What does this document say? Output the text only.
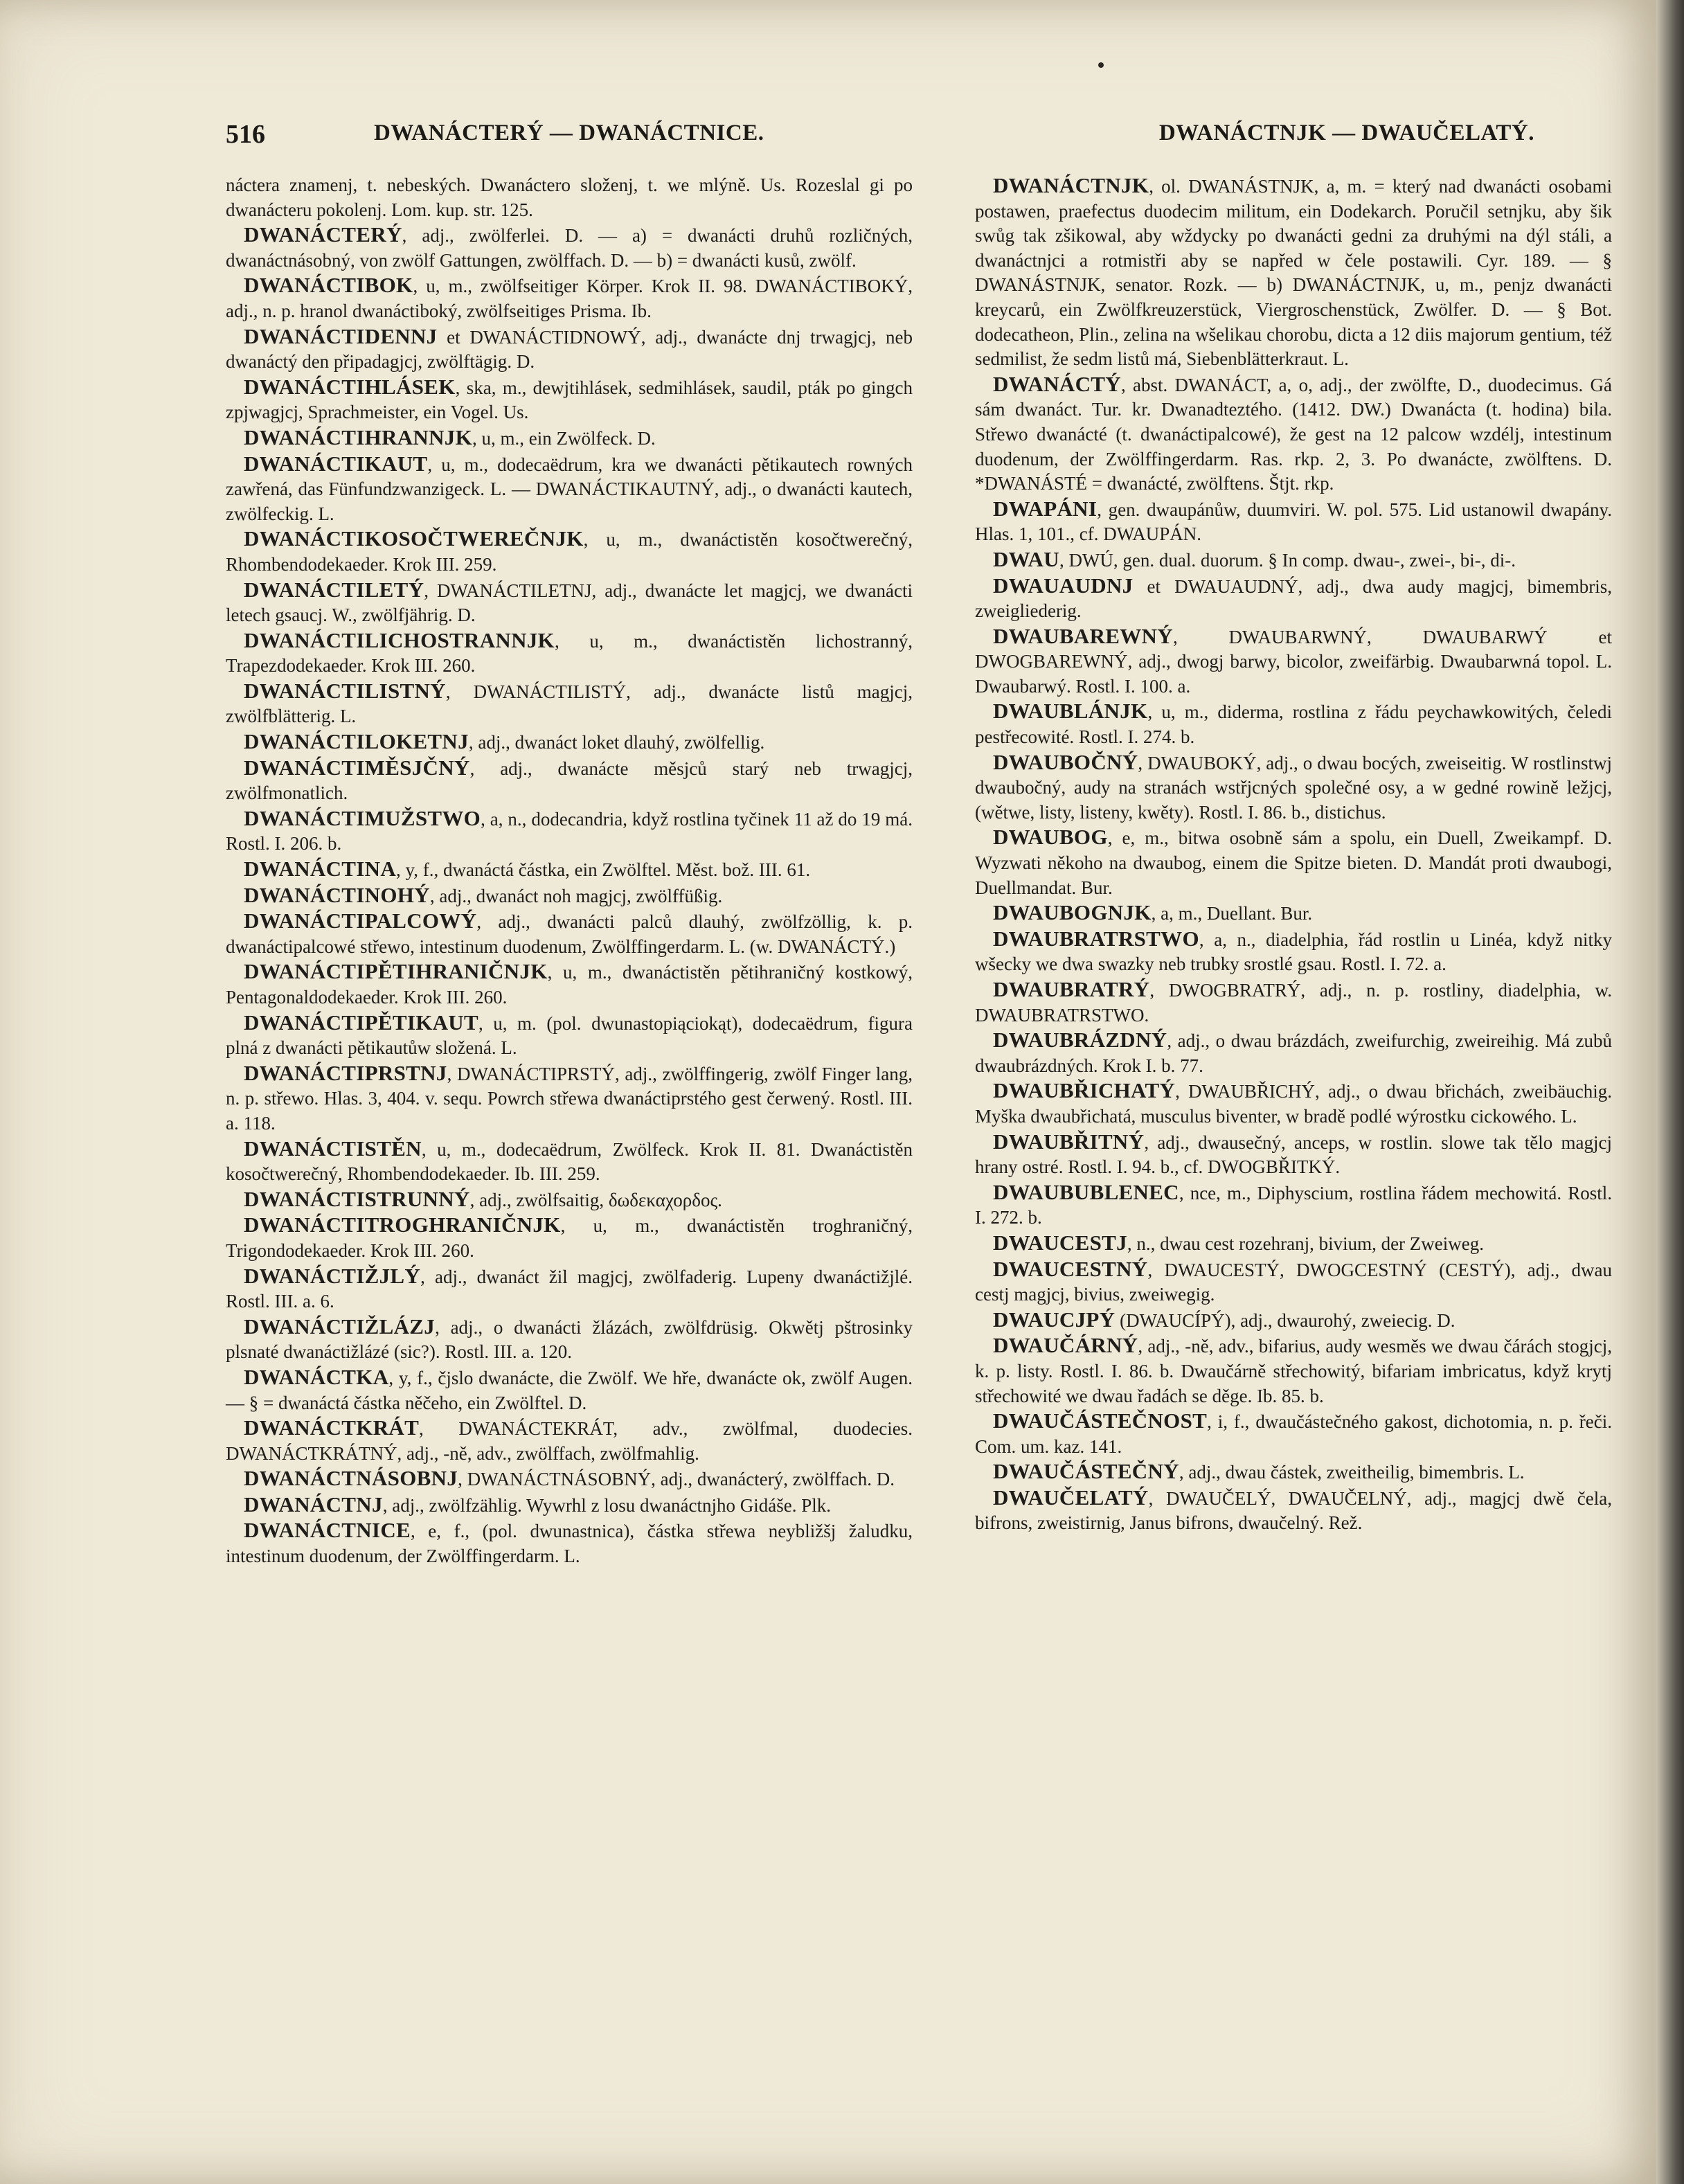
516	DWANÁCTERÝ — DWANÁCTNICE.	DWANÁCTNJK — DWAUČELATÝ.

náctera znamenj, t. nebeských. Dwanáctero složenj, t. we mlýně. Us. Rozeslal gi po dwanácteru pokolenj. Lom. kup. str. 125.

DWANÁCTERÝ, adj., zwölferlei. D. — a) = dwanácti druhů rozličných, dwanáctnásobný, von zwölf Gattungen, zwölffach. D. — b) = dwanácti kusů, zwölf.

DWANÁCTIBOK, u, m., zwölfseitiger Körper. Krok II. 98. DWANÁCTIBOKÝ, adj., n. p. hranol dwanáctiboký, zwölfseitiges Prisma. Ib.

DWANÁCTIDENNJ et DWANÁCTIDNOWÝ, adj., dwanácte dnj trwagjcj, neb dwanáctý den připadagjcj, zwölftägig. D.

DWANÁCTIHLÁSEK, ska, m., dewjtihlásek, sedmihlásek, saudil, pták po gingch zpjwagjcj, Sprachmeister, ein Vogel. Us.

DWANÁCTIHRANNJK, u, m., ein Zwölfeck. D.

DWANÁCTIKAUT, u, m., dodecaëdrum, kra we dwanácti pětikautech rowných zawřená, das Fünfundzwanzigeck. L. — DWANÁCTIKAUTNÝ, adj., o dwanácti kautech, zwölfeckig. L.

DWANÁCTIKOSOČTWEREČNJK, u, m., dwanáctistěn kosočtwerečný, Rhombendodekaeder. Krok III. 259.

DWANÁCTILETÝ, DWANÁCTILETNJ, adj., dwanácte let magjcj, we dwanácti letech gsaucj. W., zwölfjährig. D.

DWANÁCTILICHOSTRANNJK, u, m., dwanáctistěn lichostranný, Trapezdodekaeder. Krok III. 260.

DWANÁCTILISTNÝ, DWANÁCTILISTÝ, adj., dwanácte listů magjcj, zwölfblätterig. L.

DWANÁCTILOKETNJ, adj., dwanáct loket dlauhý, zwölfellig.

DWANÁCTIMĚSJČNÝ, adj., dwanácte měsjců starý neb trwagjcj, zwölfmonatlich.

DWANÁCTIMUŽSTWO, a, n., dodecandria, když rostlina tyčinek 11 až do 19 má. Rostl. I. 206. b.

DWANÁCTINA, y, f., dwanáctá částka, ein Zwölftel. Měst. bož. III. 61.

DWANÁCTINOHÝ, adj., dwanáct noh magjcj, zwölffüßig.

DWANÁCTIPALCOWÝ, adj., dwanácti palců dlauhý, zwölfzöllig, k. p. dwanáctipalcowé střewo, intestinum duodenum, Zwölffingerdarm. L. (w. DWANÁCTÝ.)

DWANÁCTIPĚTIHRANIČNJK, u, m., dwanáctistěn pětihraničný kostkowý, Pentagonaldodekaeder. Krok III. 260.

DWANÁCTIPĚTIKAUT, u, m. (pol. dwunastopiąciokąt), dodecaëdrum, figura plná z dwanácti pětikautůw složená. L.

DWANÁCTIPRSTNJ, DWANÁCTIPRSTÝ, adj., zwölffingerig, zwölf Finger lang, n. p. střewo. Hlas. 3, 404. v. sequ. Powrch střewa dwanáctiprstého gest čerwený. Rostl. III. a. 118.

DWANÁCTISTĚN, u, m., dodecaëdrum, Zwölfeck. Krok II. 81. Dwanáctistěn kosočtwerečný, Rhombendodekaeder. Ib. III. 259.

DWANÁCTISTRUNNÝ, adj., zwölfsaitig, δωδεκαχορδος.

DWANÁCTITROGHRANIČNJK, u, m., dwanáctistěn troghraničný, Trigondodekaeder. Krok III. 260.

DWANÁCTIŽJLÝ, adj., dwanáct žil magjcj, zwölfaderig. Lupeny dwanáctižjlé. Rostl. III. a. 6.

DWANÁCTIŽLÁZJ, adj., o dwanácti žlázách, zwölfdrüsig. Okwětj pštrosinky plsnaté dwanáctižlázé (sic?). Rostl. III. a. 120.

DWANÁCTKA, y, f., čjslo dwanácte, die Zwölf. We hře, dwanácte ok, zwölf Augen. — § = dwanáctá částka něčeho, ein Zwölftel. D.

DWANÁCTKRÁT, DWANÁCTEKRÁT, adv., zwölfmal, duodecies. DWANÁCTKRÁTNÝ, adj., -ně, adv., zwölffach, zwölfmahlig.

DWANÁCTNÁSOBNJ, DWANÁCTNÁSOBNÝ, adj., dwanácterý, zwölffach. D.

DWANÁCTNJ, adj., zwölfzählig. Wywrhl z losu dwanáctnjho Gidáše. Plk.

DWANÁCTNICE, e, f., (pol. dwunastnica), částka střewa neybližšj žaludku, intestinum duodenum, der Zwölffingerdarm. L.

DWANÁCTNJK, ol. DWANÁSTNJK, a, m. = který nad dwanácti osobami postawen, praefectus duodecim militum, ein Dodekarch. Poručil setnjku, aby šik swůg tak zšikowal, aby wždycky po dwanácti gedni za druhými na dýl stáli, a dwanáctnjci a rotmistři aby se napřed w čele postawili. Cyr. 189. — § DWANÁSTNJK, senator. Rozk. — b) DWANÁCTNJK, u, m., penjz dwanácti kreycarů, ein Zwölfkreuzerstück, Viergroschenstück, Zwölfer. D. — § Bot. dodecatheon, Plin., zelina na wšelikau chorobu, dicta a 12 diis majorum gentium, též sedmilist, že sedm listů má, Siebenblätterkraut. L.

DWANÁCTÝ, abst. DWANÁCT, a, o, adj., der zwölfte, D., duodecimus. Gá sám dwanáct. Tur. kr. Dwanadteztého. (1412. DW.) Dwanácta (t. hodina) bila. Střewo dwanácté (t. dwanáctipalcowé), že gest na 12 palcow wzdélj, intestinum duodenum, der Zwölffingerdarm. Ras. rkp. 2, 3. Po dwanácte, zwölftens. D. *DWANÁSTÉ = dwanácté, zwölftens. Štjt. rkp.

DWAPÁNI, gen. dwaupánůw, duumviri. W. pol. 575. Lid ustanowil dwapány. Hlas. 1, 101., cf. DWAUPÁN.

DWAU, DWÚ, gen. dual. duorum. § In comp. dwau-, zwei-, bi-, di-.

DWAUAUDNJ et DWAUAUDNÝ, adj., dwa audy magjcj, bimembris, zweigliederig.

DWAUBAREWNÝ, DWAUBARWNÝ, DWAUBARWÝ et DWOGBAREWNÝ, adj., dwogj barwy, bicolor, zweifärbig. Dwaubarwná topol. L. Dwaubarwý. Rostl. I. 100. a.

DWAUBLÁNJK, u, m., diderma, rostlina z řádu peychawkowitých, čeledi pestřecowité. Rostl. I. 274. b.

DWAUBOČNÝ, DWAUBOKÝ, adj., o dwau bocých, zweiseitig. W rostlinstwj dwaubočný, audy na stranách wstřjcných společné osy, a w gedné rowině ležjcj, (wětwe, listy, listeny, kwěty). Rostl. I. 86. b., distichus.

DWAUBOG, e, m., bitwa osobně sám a spolu, ein Duell, Zweikampf. D. Wyzwati někoho na dwaubog, einem die Spitze bieten. D. Mandát proti dwaubogi, Duellmandat. Bur.

DWAUBOGNJK, a, m., Duellant. Bur.

DWAUBRATRSTWO, a, n., diadelphia, řád rostlin u Linéa, když nitky wšecky we dwa swazky neb trubky srostlé gsau. Rostl. I. 72. a.

DWAUBRATRÝ, DWOGBRATRÝ, adj., n. p. rostliny, diadelphia, w. DWAUBRATRSTWO.

DWAUBRÁZDNÝ, adj., o dwau brázdách, zweifurchig, zweireihig. Má zubů dwaubrázdných. Krok I. b. 77.

DWAUBŘICHATÝ, DWAUBŘICHÝ, adj., o dwau břichách, zweibäuchig. Myška dwaubřichatá, musculus biventer, w bradě podlé wýrostku cickowého. L.

DWAUBŘITNÝ, adj., dwausečný, anceps, w rostlin. slowe tak tělo magjcj hrany ostré. Rostl. I. 94. b., cf. DWOGBŘITKÝ.

DWAUBUBLENEC, nce, m., Diphyscium, rostlina řádem mechowitá. Rostl. I. 272. b.

DWAUCESTJ, n., dwau cest rozehranj, bivium, der Zweiweg.

DWAUCESTNÝ, DWAUCESTÝ, DWOGCESTNÝ (CESTÝ), adj., dwau cestj magjcj, bivius, zweiwegig.

DWAUCJPÝ (DWAUCÍPÝ), adj., dwaurohý, zweiecig. D.

DWAUČÁRNÝ, adj., -ně, adv., bifarius, audy wesměs we dwau čárách stogjcj, k. p. listy. Rostl. I. 86. b. Dwaučárně střechowitý, bifariam imbricatus, když krytj střechowité we dwau řadách se děge. Ib. 85. b.

DWAUČÁSTEČNOST, i, f., dwaučástečného gakost, dichotomia, n. p. řeči. Com. um. kaz. 141.

DWAUČÁSTEČNÝ, adj., dwau částek, zweitheilig, bimembris. L.

DWAUČELATÝ, DWAUČELÝ, DWAUČELNÝ, adj., magjcj dwě čela, bifrons, zweistirnig, Janus bifrons, dwaučelný. Rež.
